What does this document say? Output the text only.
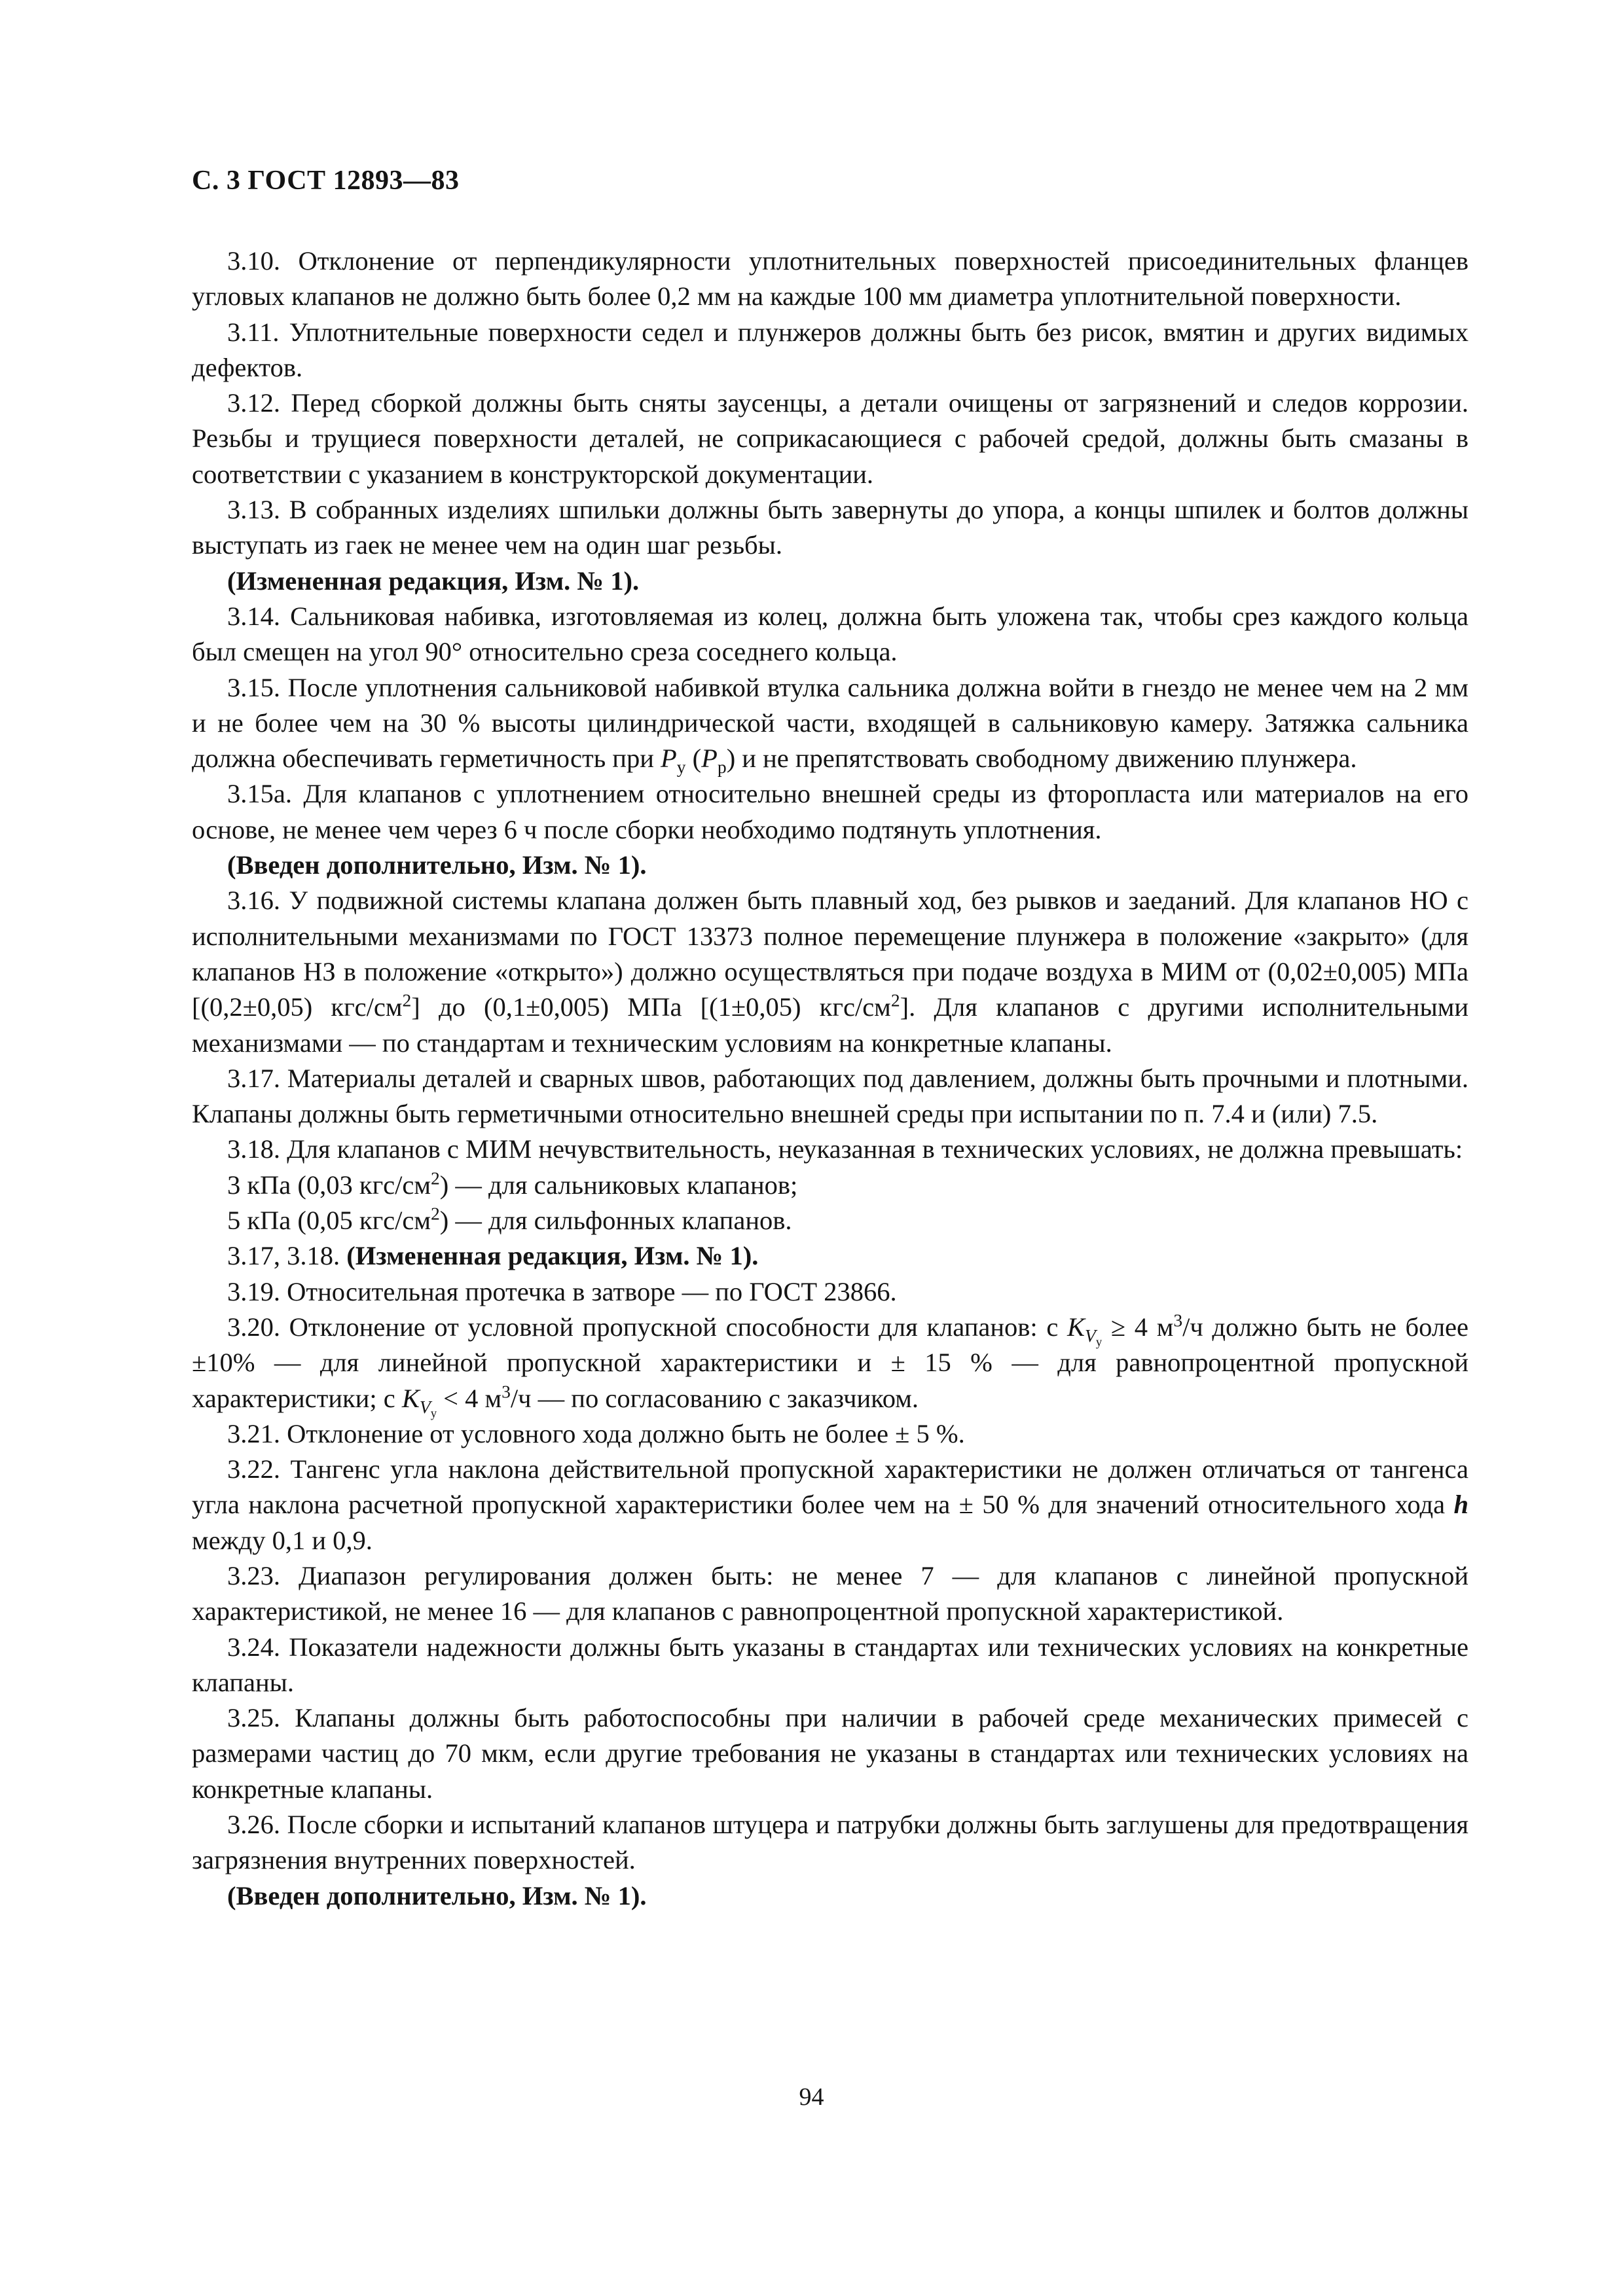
С. 3 ГОСТ 12893—83

3.10. Отклонение от перпендикулярности уплотнительных поверхностей присоединительных фланцев угловых клапанов не должно быть более 0,2 мм на каждые 100 мм диаметра уплотнительной поверхности.

3.11. Уплотнительные поверхности седел и плунжеров должны быть без рисок, вмятин и других видимых дефектов.

3.12. Перед сборкой должны быть сняты заусенцы, а детали очищены от загрязнений и следов коррозии. Резьбы и трущиеся поверхности деталей, не соприкасающиеся с рабочей средой, должны быть смазаны в соответствии с указанием в конструкторской документации.

3.13. В собранных изделиях шпильки должны быть завернуты до упора, а концы шпилек и болтов должны выступать из гаек не менее чем на один шаг резьбы.

(Измененная редакция, Изм. № 1).

3.14. Сальниковая набивка, изготовляемая из колец, должна быть уложена так, чтобы срез каждого кольца был смещен на угол 90° относительно среза соседнего кольца.

3.15. После уплотнения сальниковой набивкой втулка сальника должна войти в гнездо не менее чем на 2 мм и не более чем на 30 % высоты цилиндрической части, входящей в сальниковую камеру. Затяжка сальника должна обеспечивать герметичность при $P_у$ $(P_р)$ и не препятствовать свободному движению плунжера.

3.15а. Для клапанов с уплотнением относительно внешней среды из фторопласта или материалов на его основе, не менее чем через 6 ч после сборки необходимо подтянуть уплотнения.

(Введен дополнительно, Изм. № 1).

3.16. У подвижной системы клапана должен быть плавный ход, без рывков и заеданий. Для клапанов НО с исполнительными механизмами по ГОСТ 13373 полное перемещение плунжера в положение «закрыто» (для клапанов НЗ в положение «открыто») должно осуществляться при подаче воздуха в МИМ от (0,02±0,005) МПа [(0,2±0,05) кгс/$см^2$] до (0,1±0,005) МПа [(1±0,05) кгс/$см^2$]. Для клапанов с другими исполнительными механизмами — по стандартам и техническим условиям на конкретные клапаны.

3.17. Материалы деталей и сварных швов, работающих под давлением, должны быть прочными и плотными. Клапаны должны быть герметичными относительно внешней среды при испытании по п. 7.4 и (или) 7.5.

3.18. Для клапанов с МИМ нечувствительность, неуказанная в технических условиях, не должна превышать:

3 кПа (0,03 кгс/$см^2$) — для сальниковых клапанов;

5 кПа (0,05 кгс/$см^2$) — для сильфонных клапанов.

3.17, 3.18. (Измененная редакция, Изм. № 1).

3.19. Относительная протечка в затворе — по ГОСТ 23866.

3.20. Отклонение от условной пропускной способности для клапанов: с $K_{V_у} \ge 4$ $м^3/ч$ должно быть не более ±10% — для линейной пропускной характеристики и ± 15 % — для равнопроцентной пропускной характеристики; с $K_{V_у} < 4$ $м^3/ч$ — по согласованию с заказчиком.

3.21. Отклонение от условного хода должно быть не более ± 5 %.

3.22. Тангенс угла наклона действительной пропускной характеристики не должен отличаться от тангенса угла наклона расчетной пропускной характеристики более чем на ± 50 % для значений относительного хода h между 0,1 и 0,9.

3.23. Диапазон регулирования должен быть: не менее 7 — для клапанов с линейной пропускной характеристикой, не менее 16 — для клапанов с равнопроцентной пропускной характеристикой.

3.24. Показатели надежности должны быть указаны в стандартах или технических условиях на конкретные клапаны.

3.25. Клапаны должны быть работоспособны при наличии в рабочей среде механических примесей с размерами частиц до 70 мкм, если другие требования не указаны в стандартах или технических условиях на конкретные клапаны.

3.26. После сборки и испытаний клапанов штуцера и патрубки должны быть заглушены для предотвращения загрязнения внутренних поверхностей.

(Введен дополнительно, Изм. № 1).

94
